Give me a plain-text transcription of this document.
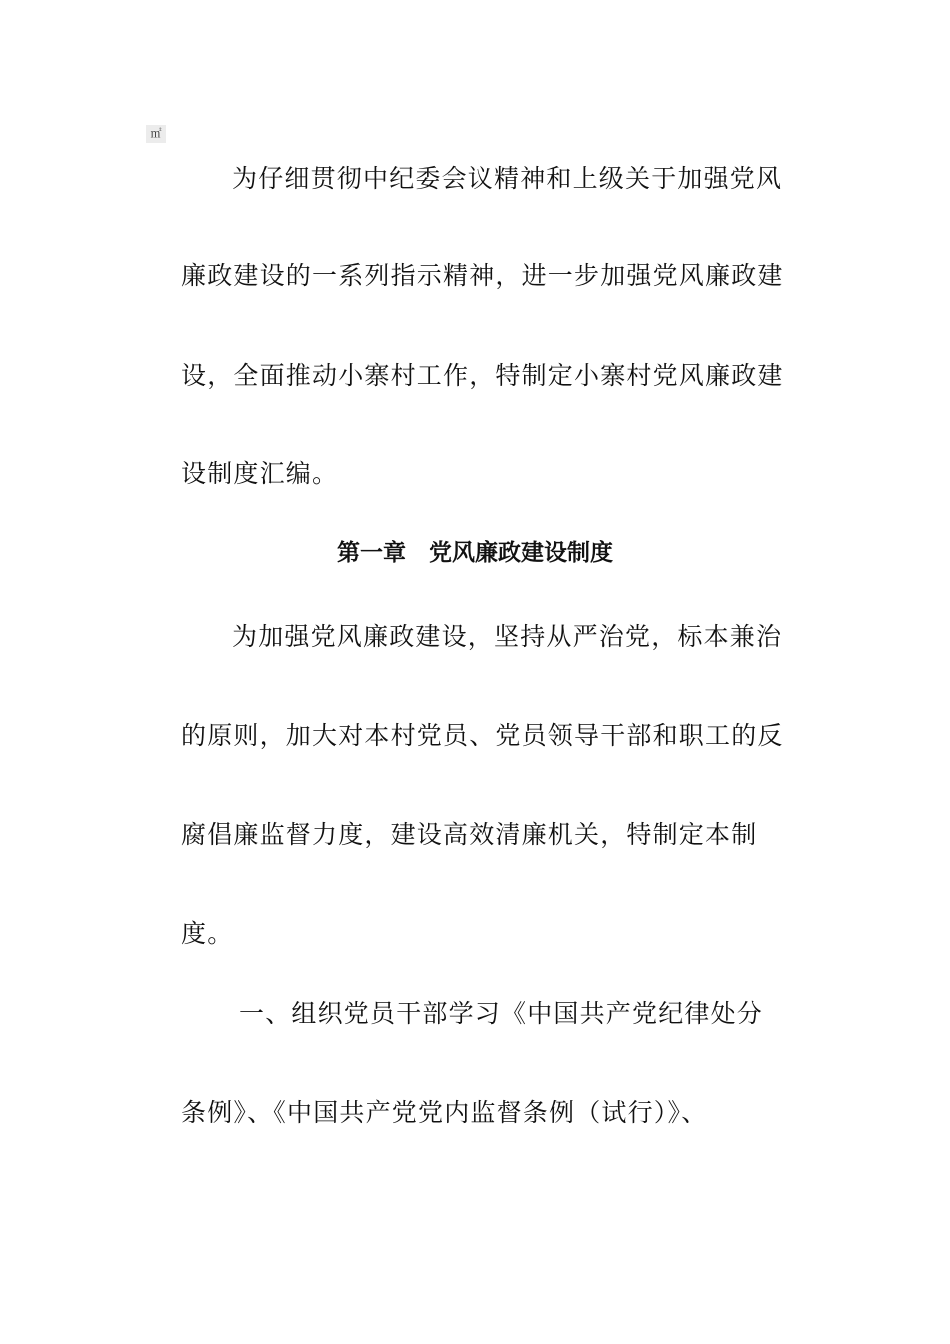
㎡
为仔细贯彻中纪委会议精神和上级关于加强党风
廉政建设的一系列指示精神，进一步加强党风廉政建
设，全面推动小寨村工作，特制定小寨村党风廉政建
设制度汇编。
第一章　党风廉政建设制度
为加强党风廉政建设，坚持从严治党，标本兼治
的原则，加大对本村党员、党员领导干部和职工的反
腐倡廉监督力度，建设高效清廉机关，特制定本制
度。
一、组织党员干部学习《中国共产党纪律处分
条例》、《中国共产党党内监督条例（试行）》、
